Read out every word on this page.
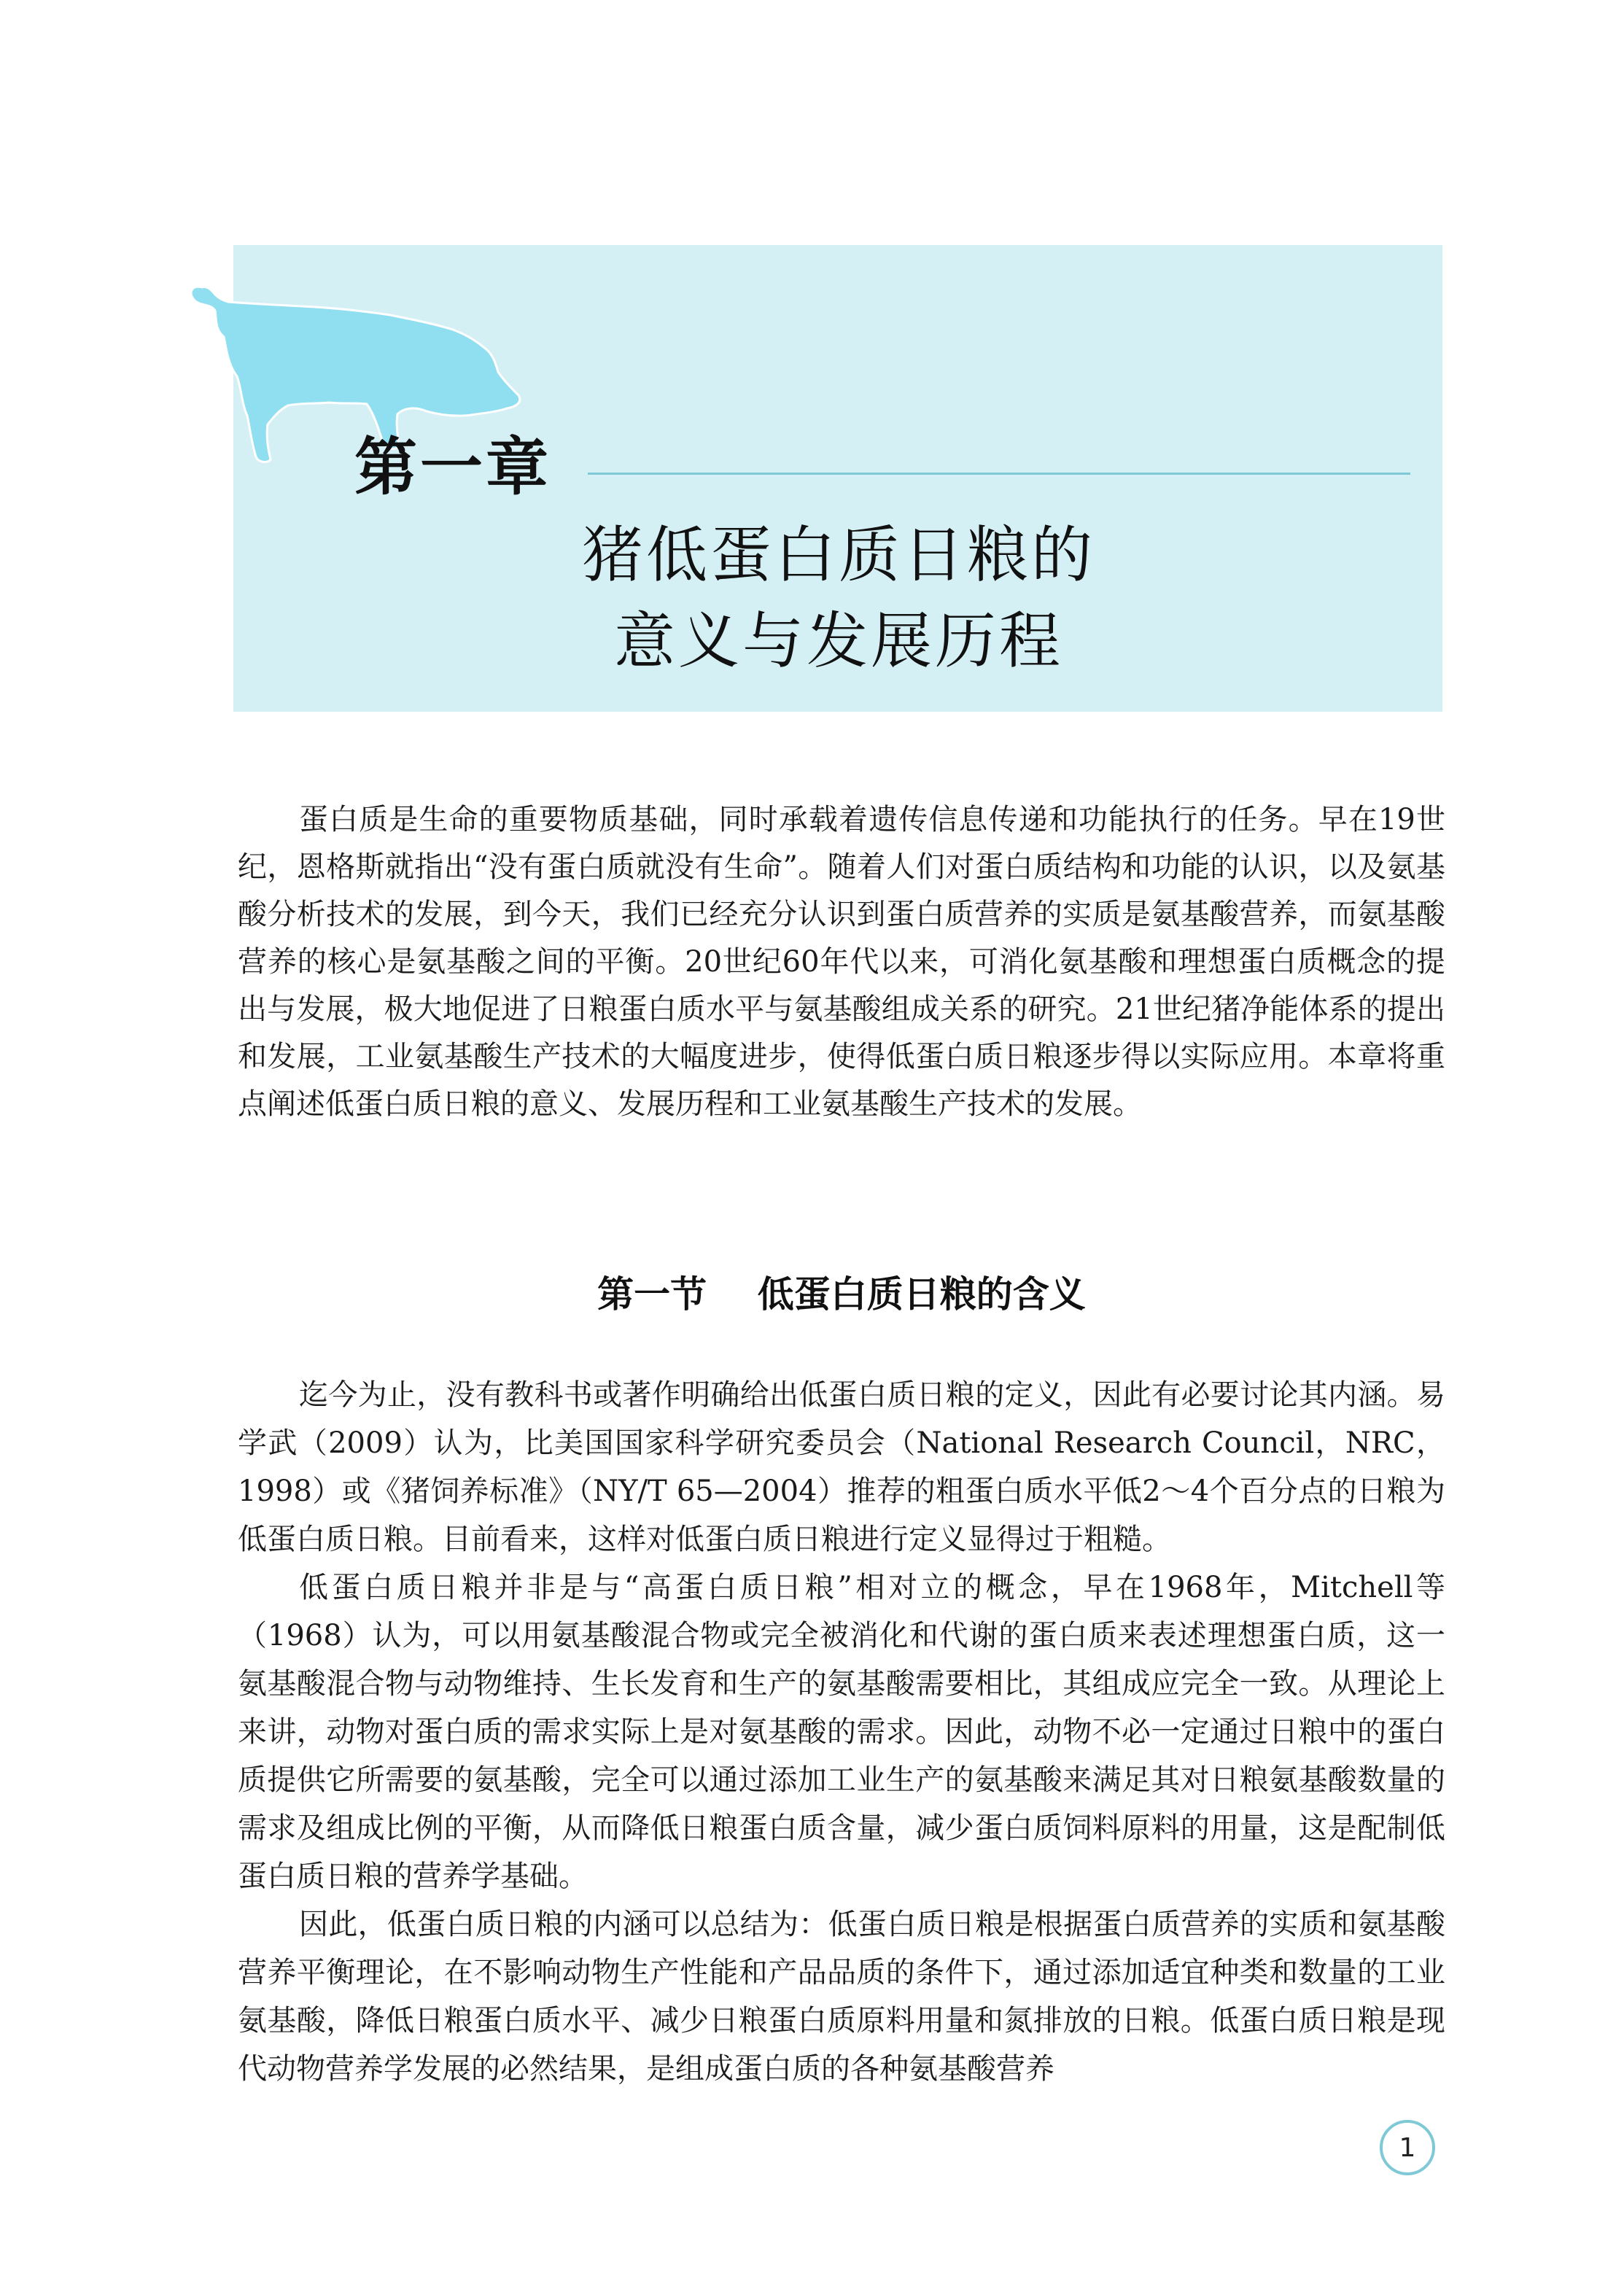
第一章
猪低蛋白质日粮的
意义与发展历程

蛋白质是生命的重要物质基础，同时承载着遗传信息传递和功能执行的任务。早在19世纪，恩格斯就指出“没有蛋白质就没有生命”。随着人们对蛋白质结构和功能的认识，以及氨基酸分析技术的发展，到今天，我们已经充分认识到蛋白质营养的实质是氨基酸营养，而氨基酸营养的核心是氨基酸之间的平衡。20世纪60年代以来，可消化氨基酸和理想蛋白质概念的提出与发展，极大地促进了日粮蛋白质水平与氨基酸组成关系的研究。21世纪猪净能体系的提出和发展，工业氨基酸生产技术的大幅度进步，使得低蛋白质日粮逐步得以实际应用。本章将重点阐述低蛋白质日粮的意义、发展历程和工业氨基酸生产技术的发展。

第一节    低蛋白质日粮的含义

迄今为止，没有教科书或著作明确给出低蛋白质日粮的定义，因此有必要讨论其内涵。易学武（2009）认为，比美国国家科学研究委员会（National Research Council，NRC，1998）或《猪饲养标准》（NY/T 65—2004）推荐的粗蛋白质水平低2～4个百分点的日粮为低蛋白质日粮。目前看来，这样对低蛋白质日粮进行定义显得过于粗糙。

低蛋白质日粮并非是与“高蛋白质日粮”相对立的概念，早在1968年，Mitchell等（1968）认为，可以用氨基酸混合物或完全被消化和代谢的蛋白质来表述理想蛋白质，这一氨基酸混合物与动物维持、生长发育和生产的氨基酸需要相比，其组成应完全一致。从理论上来讲，动物对蛋白质的需求实际上是对氨基酸的需求。因此，动物不必一定通过日粮中的蛋白质提供它所需要的氨基酸，完全可以通过添加工业生产的氨基酸来满足其对日粮氨基酸数量的需求及组成比例的平衡，从而降低日粮蛋白质含量，减少蛋白质饲料原料的用量，这是配制低蛋白质日粮的营养学基础。

因此，低蛋白质日粮的内涵可以总结为：低蛋白质日粮是根据蛋白质营养的实质和氨基酸营养平衡理论，在不影响动物生产性能和产品品质的条件下，通过添加适宜种类和数量的工业氨基酸，降低日粮蛋白质水平、减少日粮蛋白质原料用量和氮排放的日粮。低蛋白质日粮是现代动物营养学发展的必然结果，是组成蛋白质的各种氨基酸营养

1
